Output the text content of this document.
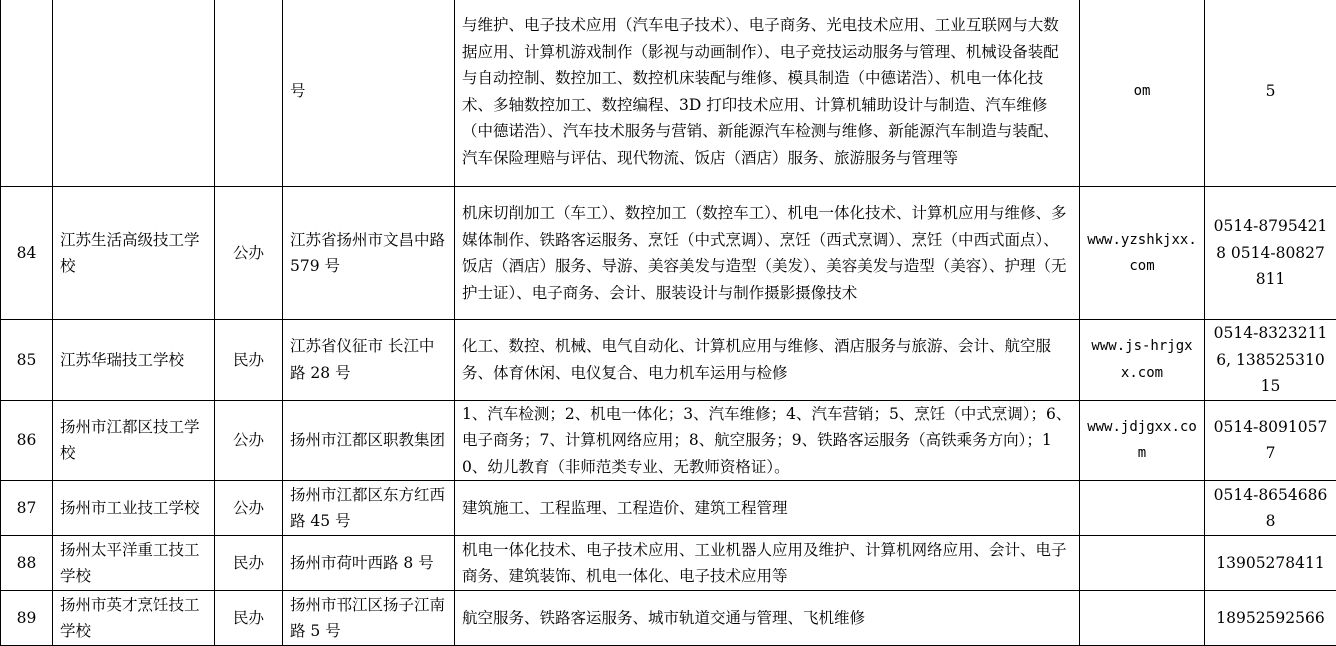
			号	与维护、电子技术应用（汽车电子技术）、电子商务、光电技术应用、工业互联网与大数据应用、计算机游戏制作（影视与动画制作）、电子竞技运动服务与管理、机械设备装配与自动控制、数控加工、数控机床装配与维修、模具制造（中德诺浩）、机电一体化技术、多轴数控加工、数控编程、3D 打印技术应用、计算机辅助设计与制造、汽车维修（中德诺浩）、汽车技术服务与营销、新能源汽车检测与维修、新能源汽车制造与装配、汽车保险理赔与评估、现代物流、饭店（酒店）服务、旅游服务与管理等	om	5
84	江苏生活高级技工学校	公办	江苏省扬州市文昌中路 579 号	机床切削加工（车工）、数控加工（数控车工）、机电一体化技术、计算机应用与维修、多媒体制作、铁路客运服务、烹饪（中式烹调）、烹饪（西式烹调）、烹饪（中西式面点）、饭店（酒店）服务、导游、美容美发与造型（美发）、美容美发与造型（美容）、护理（无护士证）、电子商务、会计、服装设计与制作摄影摄像技术	www.yzshkjxx.com	0514-87954218 0514-80827811
85	江苏华瑞技工学校	民办	江苏省仪征市 长江中路 28 号	化工、数控、机械、电气自动化、计算机应用与维修、酒店服务与旅游、会计、航空服务、体育休闲、电仪复合、电力机车运用与检修	www.js-hrjgxx.com	0514-83232116, 13852531015
86	扬州市江都区技工学校	公办	扬州市江都区职教集团	1、汽车检测；2、机电一体化；3、汽车维修；4、汽车营销；5、烹饪（中式烹调）；6、电子商务；7、计算机网络应用；8、航空服务；9、铁路客运服务（高铁乘务方向）；10、幼儿教育（非师范类专业、无教师资格证）。	www.jdjgxx.com	0514-80910577
87	扬州市工业技工学校	公办	扬州市江都区东方红西路 45 号	建筑施工、工程监理、工程造价、建筑工程管理		0514-86546868
88	扬州太平洋重工技工学校	民办	扬州市荷叶西路 8 号	机电一体化技术、电子技术应用、工业机器人应用及维护、计算机网络应用、会计、电子商务、建筑装饰、机电一体化、电子技术应用等		13905278411
89	扬州市英才烹饪技工学校	民办	扬州市邗江区扬子江南路 5 号	航空服务、铁路客运服务、城市轨道交通与管理、飞机维修		18952592566
